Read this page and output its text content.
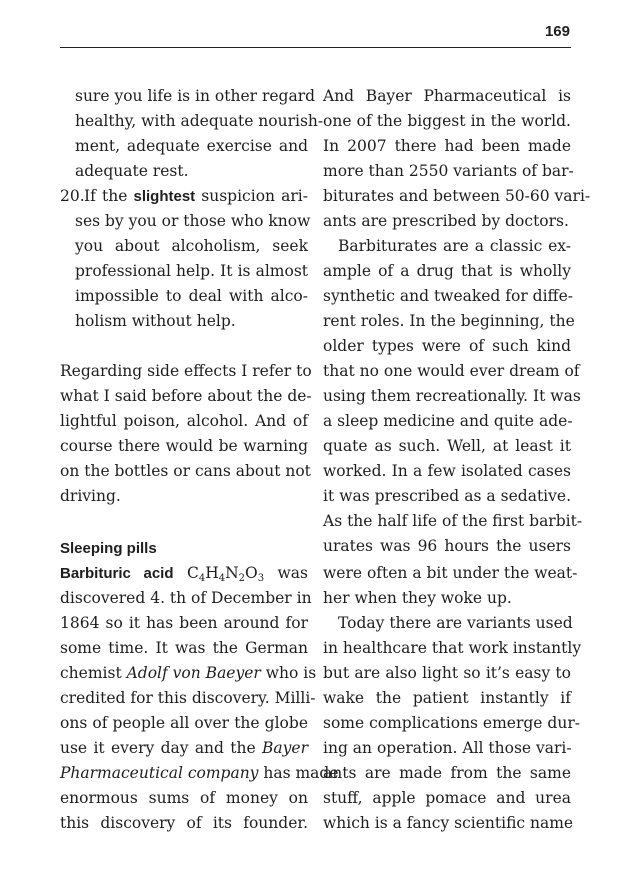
169
sure you life is in other regard
healthy, with adequate nourish-
ment, adequate exercise and
adequate rest.
20. If the slightest suspicion ari-
ses by you or those who know
you about alcoholism, seek
professional help. It is almost
impossible to deal with alco-
holism without help.
Regarding side effects I refer to
what I said before about the de-
lightful poison, alcohol. And of
course there would be warning
on the bottles or cans about not
driving.
Sleeping pills
Barbituric acid $C_4H_4N_2O_3$ was
discovered 4. th of December in
1864 so it has been around for
some time. It was the German
chemist Adolf von Baeyer who is
credited for this discovery. Milli-
ons of people all over the globe
use it every day and the Bayer
Pharmaceutical company has made
enormous sums of money on
this discovery of its founder.
And Bayer Pharmaceutical is
one of the biggest in the world.
In 2007 there had been made
more than 2550 variants of bar-
biturates and between 50-60 vari-
ants are prescribed by doctors.
Barbiturates are a classic ex-
ample of a drug that is wholly
synthetic and tweaked for diffe-
rent roles. In the beginning, the
older types were of such kind
that no one would ever dream of
using them recreationally. It was
a sleep medicine and quite ade-
quate as such. Well, at least it
worked. In a few isolated cases
it was prescribed as a sedative.
As the half life of the first barbit-
urates was 96 hours the users
were often a bit under the weat-
her when they woke up.
Today there are variants used
in healthcare that work instantly
but are also light so it’s easy to
wake the patient instantly if
some complications emerge dur-
ing an operation. All those vari-
ants are made from the same
stuff, apple pomace and urea
which is a fancy scientific name
